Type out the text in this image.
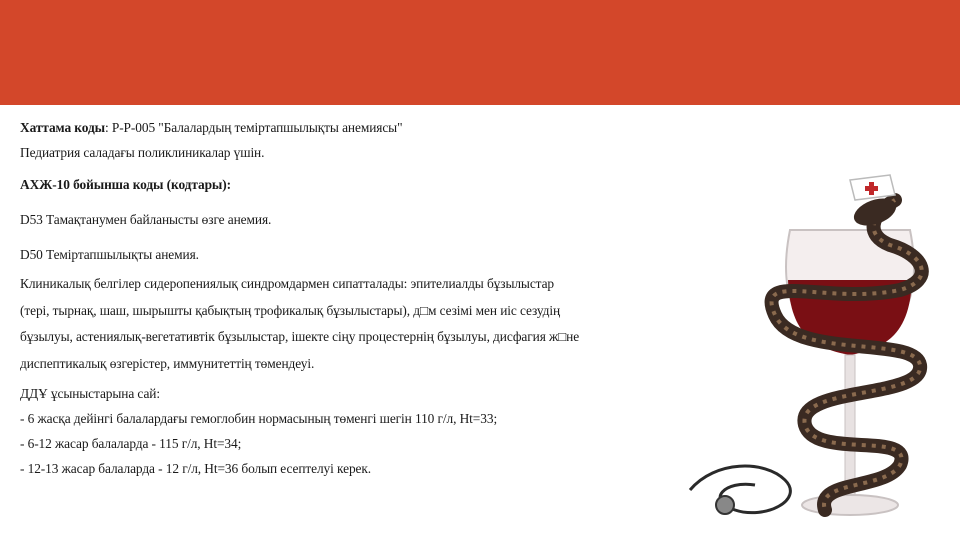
Хаттама коды: Р-Р-005 "Балалардың теміртапшылықты анемиясы"

Педиатрия саладағы поликлиникалар үшін.

АХЖ-10 бойынша коды (кодтары):

D53 Тамақтанумен байланысты өзге анемия.

D50 Теміртапшылықты анемия.

Клиникалық белгілер сидеропениялық синдромдармен сипатталады: эпителиалды бұзылыстар

(тері, тырнақ, шаш, шырышты қабықтың трофикалық бұзылыстары), д□м сезімі мен иіс сезудің

бұзылуы, астениялық-вегетативтік бұзылыстар, ішекте сіңу процестернің бұзылуы, дисфагия ж□не

диспептикалық өзгерістер, иммунитеттің төмендеуі.

ДДҰ ұсыныстарына сай:

- 6 жасқа дейінгі балалардағы гемоглобин нормасының төменгі шегін 110 г/л, Ht=33;

- 6-12 жасар балаларда - 115 г/л, Ht=34;

- 12-13 жасар балаларда - 12 г/л, Ht=36 болып есептелуі керек.
